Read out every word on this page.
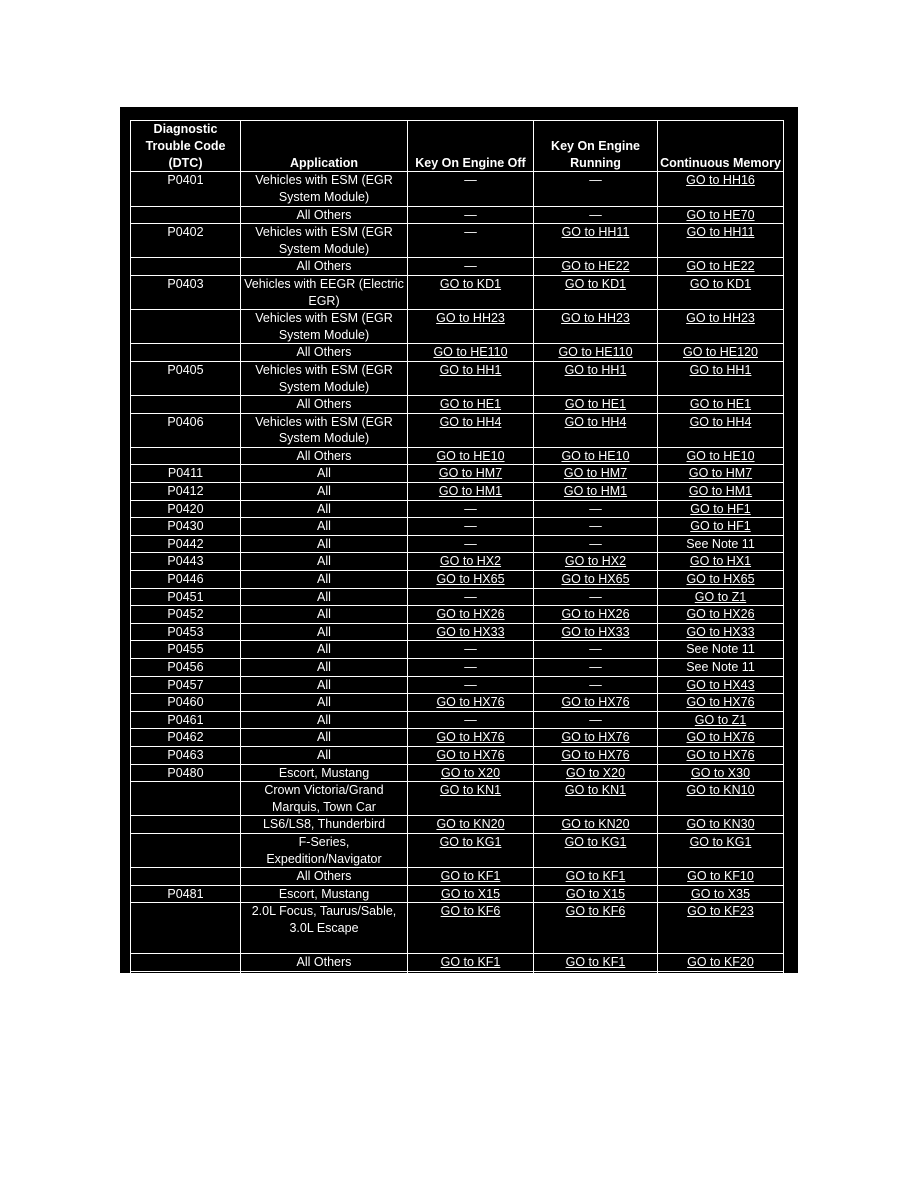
Diagnostic Trouble Code (DTC)	Application	Key On Engine Off	Key On Engine Running	Continuous Memory
P0401	Vehicles with ESM (EGR System Module)	—	—	GO to HH16
	All Others	—	—	GO to HE70
P0402	Vehicles with ESM (EGR System Module)	—	GO to HH11	GO to HH11
	All Others	—	GO to HE22	GO to HE22
P0403	Vehicles with EEGR (Electric EGR)	GO to KD1	GO to KD1	GO to KD1
	Vehicles with ESM (EGR System Module)	GO to HH23	GO to HH23	GO to HH23
	All Others	GO to HE110	GO to HE110	GO to HE120
P0405	Vehicles with ESM (EGR System Module)	GO to HH1	GO to HH1	GO to HH1
	All Others	GO to HE1	GO to HE1	GO to HE1
P0406	Vehicles with ESM (EGR System Module)	GO to HH4	GO to HH4	GO to HH4
	All Others	GO to HE10	GO to HE10	GO to HE10
P0411	All	GO to HM7	GO to HM7	GO to HM7
P0412	All	GO to HM1	GO to HM1	GO to HM1
P0420	All	—	—	GO to HF1
P0430	All	—	—	GO to HF1
P0442	All	—	—	See Note 11
P0443	All	GO to HX2	GO to HX2	GO to HX1
P0446	All	GO to HX65	GO to HX65	GO to HX65
P0451	All	—	—	GO to Z1
P0452	All	GO to HX26	GO to HX26	GO to HX26
P0453	All	GO to HX33	GO to HX33	GO to HX33
P0455	All	—	—	See Note 11
P0456	All	—	—	See Note 11
P0457	All	—	—	GO to HX43
P0460	All	GO to HX76	GO to HX76	GO to HX76
P0461	All	—	—	GO to Z1
P0462	All	GO to HX76	GO to HX76	GO to HX76
P0463	All	GO to HX76	GO to HX76	GO to HX76
P0480	Escort, Mustang	GO to X20	GO to X20	GO to X30
	Crown Victoria/Grand Marquis, Town Car	GO to KN1	GO to KN1	GO to KN10
	LS6/LS8, Thunderbird	GO to KN20	GO to KN20	GO to KN30
	F-Series, Expedition/Navigator	GO to KG1	GO to KG1	GO to KG1
	All Others	GO to KF1	GO to KF1	GO to KF10
P0481	Escort, Mustang	GO to X15	GO to X15	GO to X35
	2.0L Focus, Taurus/Sable, 3.0L Escape	GO to KF6	GO to KF6	GO to KF23
	All Others	GO to KF1	GO to KF1	GO to KF20
P0482	All	GO to KF1	GO to KF1	GO to KF15
